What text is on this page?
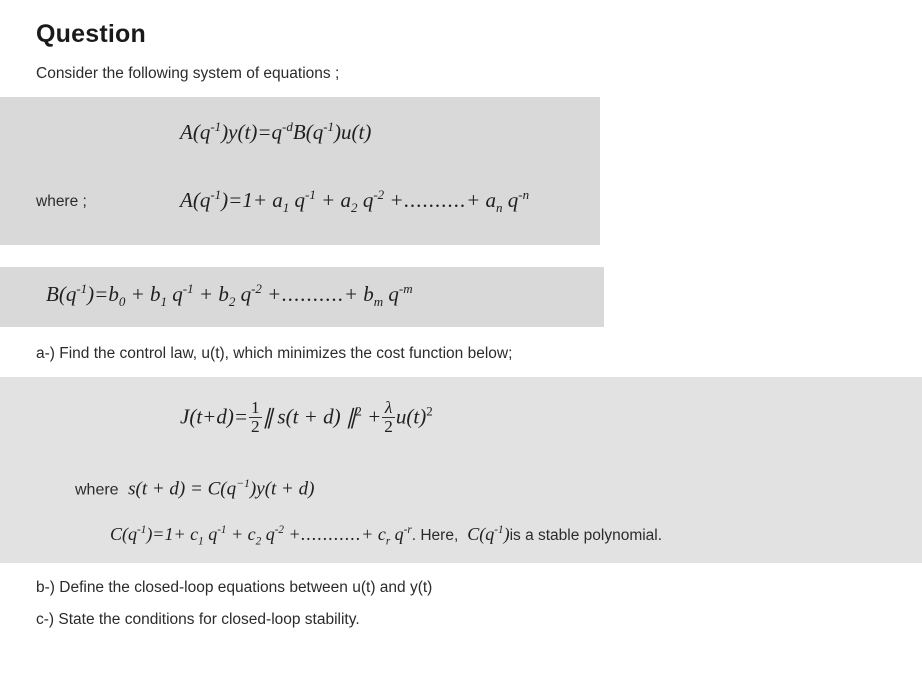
Question

Consider the following system of equations ;

$A(q^{-1})y(t)=q^{-d}B(q^{-1})u(t)$
where ;	$A(q^{-1})=1+ a_1$ $q^{-1} + a_2$ $q^{-2}$ +..........+ $a_n$ $q^{-n}$
$B(q^{-1})=b_0 + b_1$ $q^{-1} + b_2$ $q^{-2}$ +..........+ $b_m$ $q^{-m}$

a-) Find the control law, u(t), which minimizes the cost function below;

$J(t+d)= \frac{1}{2}$ ∥ s(t + d) ∥$^2$ + $\frac{\lambda}{2} u(t)^2$
where $s(t + d) = C(q^{-1})y(t + d)$
$C(q^{-1})=1+ c_1$ $q^{-1} + c_2$ $q^{-2}$ +...........+ $c_r$ $q^{-r}$. Here, $C(q^{-1})is$ a stable polynomial.

b-) Define the closed-loop equations between u(t) and y(t)

c-) State the conditions for closed-loop stability.
